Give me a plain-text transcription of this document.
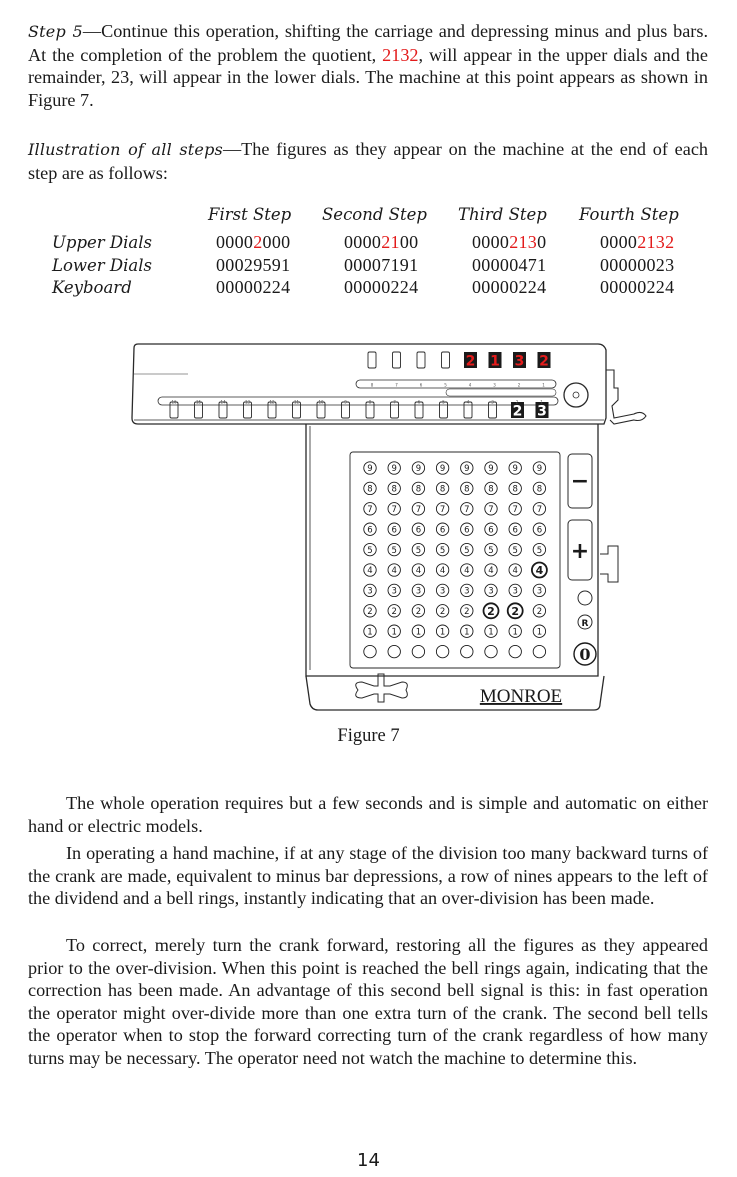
Step 5—Continue this operation, shifting the carriage and depressing minus and plus bars. At the completion of the problem the quotient, 2132, will appear in the upper dials and the remainder, 23, will appear in the lower dials. The machine at this point appears as shown in Figure 7.

Illustration of all steps—The figures as they appear on the machine at the end of each step are as follows:

First Step Second Step Third Step Fourth Step
Upper Dials	00002000	00002100	00002130	00002132
Lower Dials	00029591	00007191	00000471	00000023
Keyboard	00000224	00000224	00000224	00000224
−
+
R
0
MONROE
2 1 3 2
2 3
16	15	14	13	12	11	10	9	8	7	6	5	4	3	2	1
8	7	6	5	4	3	2	1
9 9 9 9 9 9 9 9
8 8 8 8 8 8 8 8
7 7 7 7 7 7 7 7
6 6 6 6 6 6 6 6
5 5 5 5 5 5 5 5
4 4 4 4 4 4 4 4
3 3 3 3 3 3 3 3
2 2 2 2 2 2 2 2
1 1 1 1 1 1 1 1
Figure 7

The whole operation requires but a few seconds and is simple and automatic on either hand or electric models.

In operating a hand machine, if at any stage of the division too many backward turns of the crank are made, equivalent to minus bar depressions, a row of nines appears to the left of the dividend and a bell rings, instantly indicating that an over-division has been made.

To correct, merely turn the crank forward, restoring all the figures as they appeared prior to the over-division. When this point is reached the bell rings again, indicating that the correction has been made. An advantage of this second bell signal is this: in fast operation the operator might over-divide more than one extra turn of the crank. The second bell tells the operator when to stop the forward correcting turn of the crank regardless of how many turns may be necessary. The operator need not watch the machine to determine this.

14
